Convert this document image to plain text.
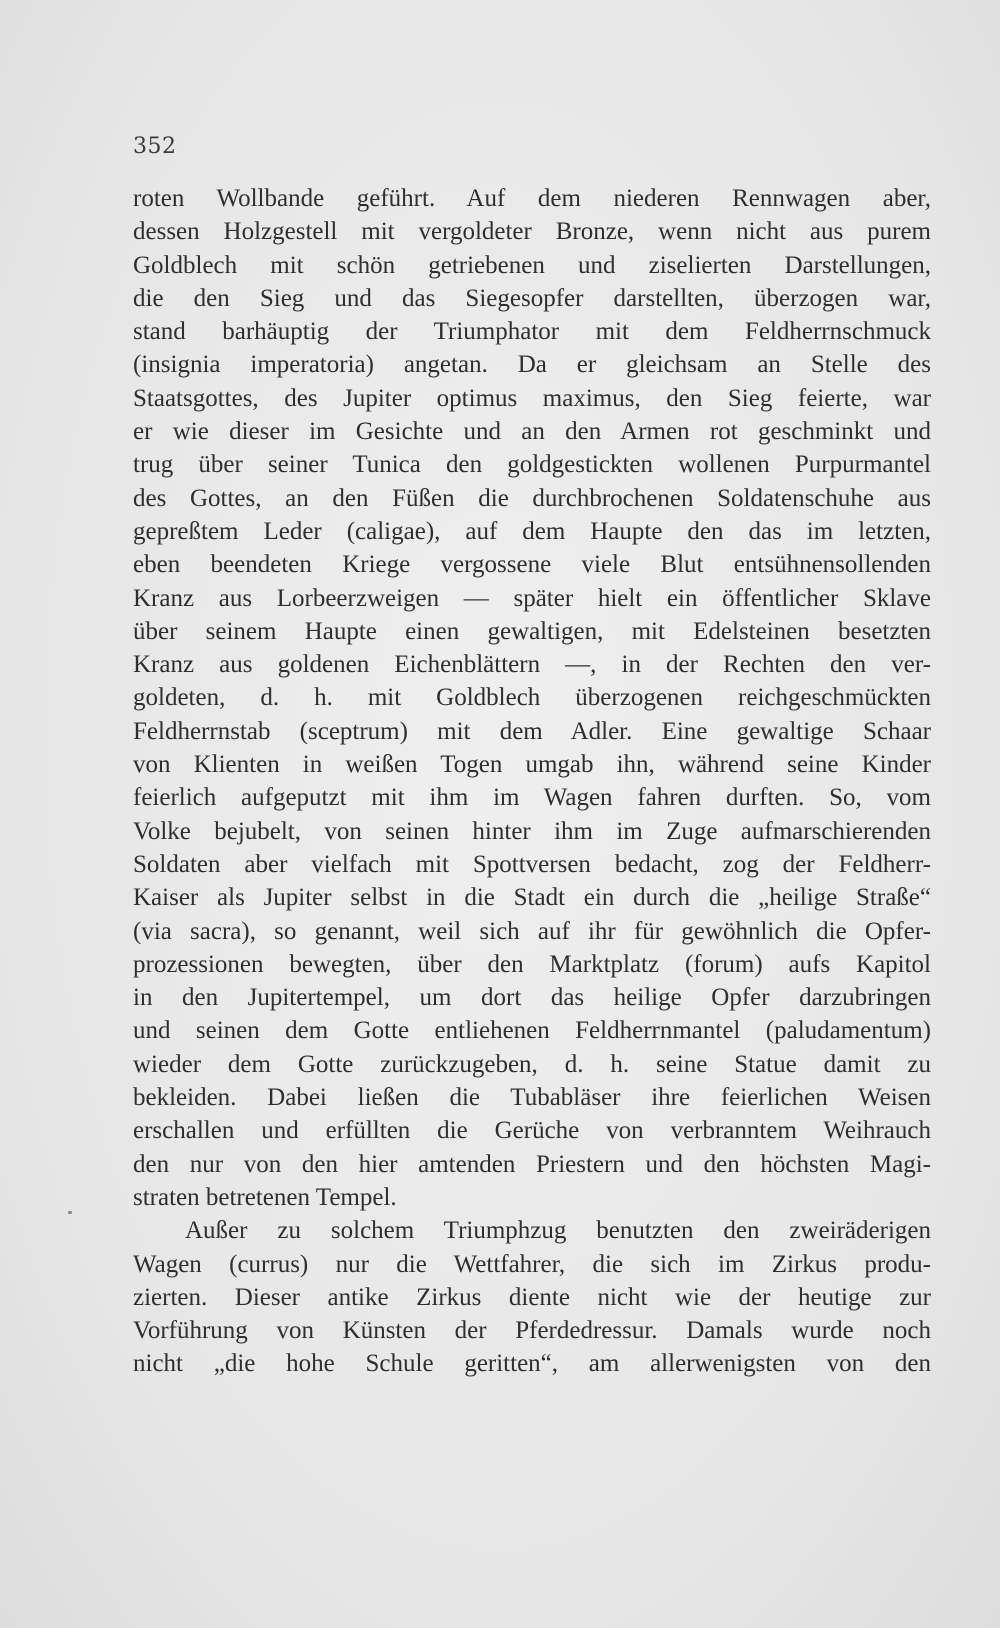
352
roten Wollbande geführt. Auf dem niederen Rennwagen aber,
dessen Holzgestell mit vergoldeter Bronze, wenn nicht aus purem
Goldblech mit schön getriebenen und ziselierten Darstellungen,
die den Sieg und das Siegesopfer darstellten, überzogen war,
stand barhäuptig der Triumphator mit dem Feldherrnschmuck
(insignia imperatoria) angetan. Da er gleichsam an Stelle des
Staatsgottes, des Jupiter optimus maximus, den Sieg feierte, war
er wie dieser im Gesichte und an den Armen rot geschminkt und
trug über seiner Tunica den goldgestickten wollenen Purpurmantel
des Gottes, an den Füßen die durchbrochenen Soldatenschuhe aus
gepreßtem Leder (caligae), auf dem Haupte den das im letzten,
eben beendeten Kriege vergossene viele Blut entsühnensollenden
Kranz aus Lorbeerzweigen — später hielt ein öffentlicher Sklave
über seinem Haupte einen gewaltigen, mit Edelsteinen besetzten
Kranz aus goldenen Eichenblättern —, in der Rechten den ver-
goldeten, d. h. mit Goldblech überzogenen reichgeschmückten
Feldherrnstab (sceptrum) mit dem Adler. Eine gewaltige Schaar
von Klienten in weißen Togen umgab ihn, während seine Kinder
feierlich aufgeputzt mit ihm im Wagen fahren durften. So, vom
Volke bejubelt, von seinen hinter ihm im Zuge aufmarschierenden
Soldaten aber vielfach mit Spottversen bedacht, zog der Feldherr-
Kaiser als Jupiter selbst in die Stadt ein durch die „heilige Straße“
(via sacra), so genannt, weil sich auf ihr für gewöhnlich die Opfer-
prozessionen bewegten, über den Marktplatz (forum) aufs Kapitol
in den Jupitertempel, um dort das heilige Opfer darzubringen
und seinen dem Gotte entliehenen Feldherrnmantel (paludamentum)
wieder dem Gotte zurückzugeben, d. h. seine Statue damit zu
bekleiden. Dabei ließen die Tubabläser ihre feierlichen Weisen
erschallen und erfüllten die Gerüche von verbranntem Weihrauch
den nur von den hier amtenden Priestern und den höchsten Magi-
straten betretenen Tempel.
Außer zu solchem Triumphzug benutzten den zweiräderigen
Wagen (currus) nur die Wettfahrer, die sich im Zirkus produ-
zierten. Dieser antike Zirkus diente nicht wie der heutige zur
Vorführung von Künsten der Pferdedressur. Damals wurde noch
nicht „die hohe Schule geritten“, am allerwenigsten von den
